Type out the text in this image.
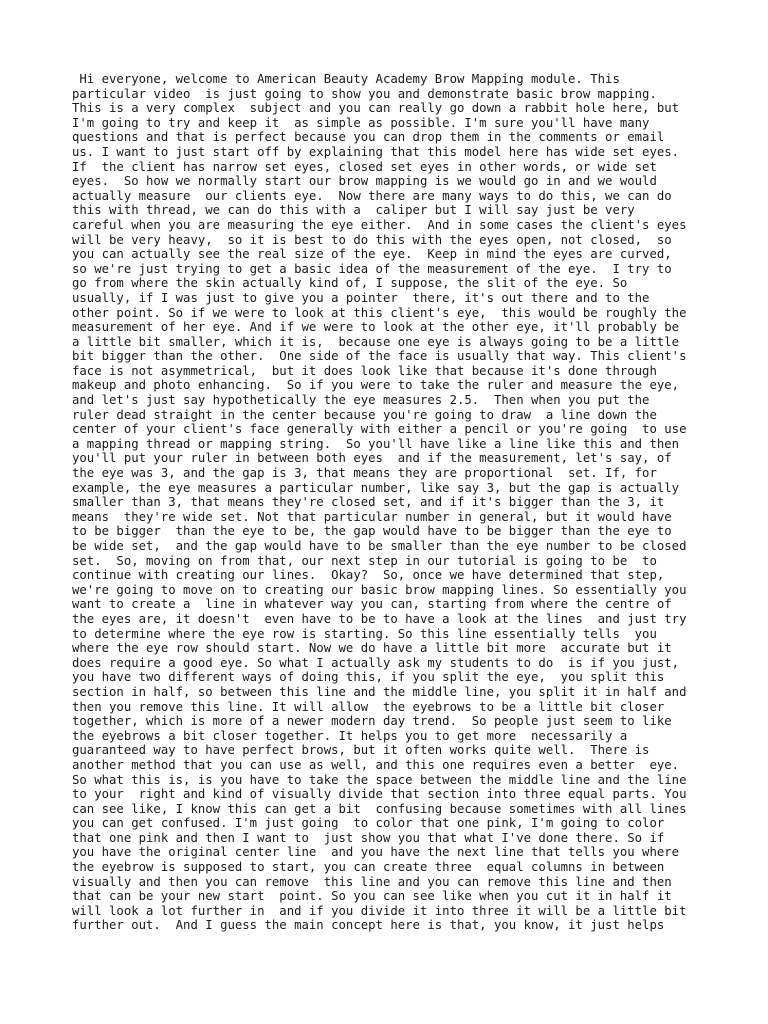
Hi everyone, welcome to American Beauty Academy Brow Mapping module. This
particular video  is just going to show you and demonstrate basic brow mapping.
This is a very complex  subject and you can really go down a rabbit hole here, but
I'm going to try and keep it  as simple as possible. I'm sure you'll have many
questions and that is perfect because you can drop them in the comments or email
us. I want to just start off by explaining that this model here has wide set eyes.
If  the client has narrow set eyes, closed set eyes in other words, or wide set
eyes.  So how we normally start our brow mapping is we would go in and we would
actually measure  our clients eye.  Now there are many ways to do this, we can do
this with thread, we can do this with a  caliper but I will say just be very
careful when you are measuring the eye either.  And in some cases the client's eyes
will be very heavy,  so it is best to do this with the eyes open, not closed,  so
you can actually see the real size of the eye.  Keep in mind the eyes are curved,
so we're just trying to get a basic idea of the measurement of the eye.  I try to
go from where the skin actually kind of, I suppose, the slit of the eye. So
usually, if I was just to give you a pointer  there, it's out there and to the
other point. So if we were to look at this client's eye,  this would be roughly the
measurement of her eye. And if we were to look at the other eye, it'll probably be
a little bit smaller, which it is,  because one eye is always going to be a little
bit bigger than the other.  One side of the face is usually that way. This client's
face is not asymmetrical,  but it does look like that because it's done through
makeup and photo enhancing.  So if you were to take the ruler and measure the eye,
and let's just say hypothetically the eye measures 2.5.  Then when you put the
ruler dead straight in the center because you're going to draw  a line down the
center of your client's face generally with either a pencil or you're going  to use
a mapping thread or mapping string.  So you'll have like a line like this and then
you'll put your ruler in between both eyes  and if the measurement, let's say, of
the eye was 3, and the gap is 3, that means they are proportional  set. If, for
example, the eye measures a particular number, like say 3, but the gap is actually
smaller than 3, that means they're closed set, and if it's bigger than the 3, it
means  they're wide set. Not that particular number in general, but it would have
to be bigger  than the eye to be, the gap would have to be bigger than the eye to
be wide set,  and the gap would have to be smaller than the eye number to be closed
set.  So, moving on from that, our next step in our tutorial is going to be  to
continue with creating our lines.  Okay?  So, once we have determined that step,
we're going to move on to creating our basic brow mapping lines. So essentially you
want to create a  line in whatever way you can, starting from where the centre of
the eyes are, it doesn't  even have to be to have a look at the lines  and just try
to determine where the eye row is starting. So this line essentially tells  you
where the eye row should start. Now we do have a little bit more  accurate but it
does require a good eye. So what I actually ask my students to do  is if you just,
you have two different ways of doing this, if you split the eye,  you split this
section in half, so between this line and the middle line, you split it in half and
then you remove this line. It will allow  the eyebrows to be a little bit closer
together, which is more of a newer modern day trend.  So people just seem to like
the eyebrows a bit closer together. It helps you to get more  necessarily a
guaranteed way to have perfect brows, but it often works quite well.  There is
another method that you can use as well, and this one requires even a better  eye.
So what this is, is you have to take the space between the middle line and the line
to your  right and kind of visually divide that section into three equal parts. You
can see like, I know this can get a bit  confusing because sometimes with all lines
you can get confused. I'm just going  to color that one pink, I'm going to color
that one pink and then I want to  just show you that what I've done there. So if
you have the original center line  and you have the next line that tells you where
the eyebrow is supposed to start, you can create three  equal columns in between
visually and then you can remove  this line and you can remove this line and then
that can be your new start  point. So you can see like when you cut it in half it
will look a lot further in  and if you divide it into three it will be a little bit
further out.  And I guess the main concept here is that, you know, it just helps
